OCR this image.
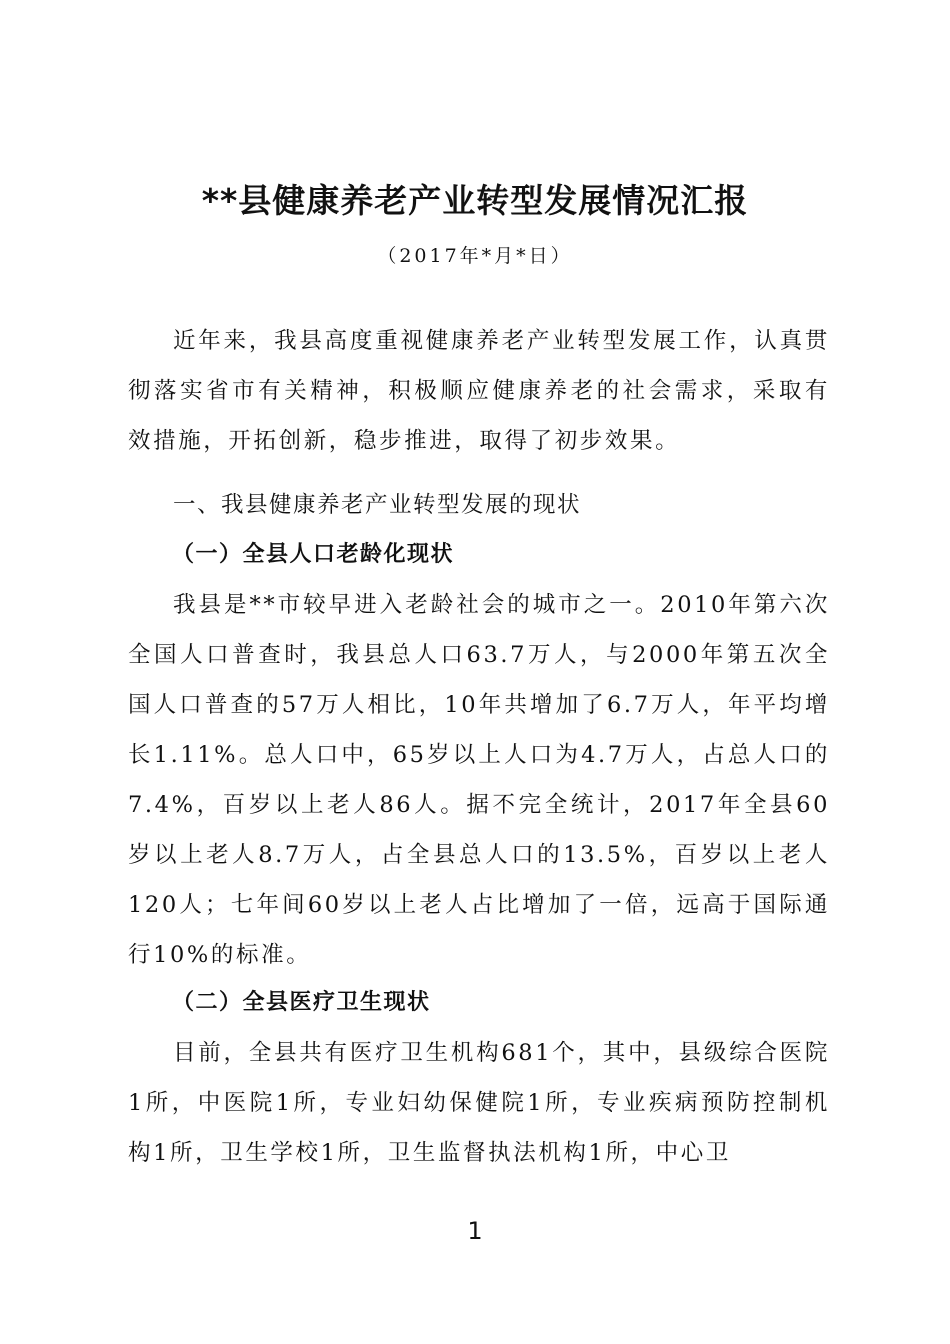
**县健康养老产业转型发展情况汇报
（2017年*月*日）

近年来，我县高度重视健康养老产业转型发展工作，认真贯彻落实省市有关精神，积极顺应健康养老的社会需求，采取有效措施，开拓创新，稳步推进，取得了初步效果。

一、我县健康养老产业转型发展的现状

（一）全县人口老龄化现状

我县是**市较早进入老龄社会的城市之一。2010年第六次全国人口普查时，我县总人口63.7万人，与2000年第五次全国人口普查的57万人相比，10年共增加了6.7万人，年平均增长1.11%。总人口中，65岁以上人口为4.7万人，占总人口的7.4%，百岁以上老人86人。据不完全统计，2017年全县60岁以上老人8.7万人，占全县总人口的13.5%，百岁以上老人120人；七年间60岁以上老人占比增加了一倍，远高于国际通行10%的标准。

（二）全县医疗卫生现状

目前，全县共有医疗卫生机构681个，其中，县级综合医院1所，中医院1所，专业妇幼保健院1所，专业疾病预防控制机构1所，卫生学校1所，卫生监督执法机构1所，中心卫

1
